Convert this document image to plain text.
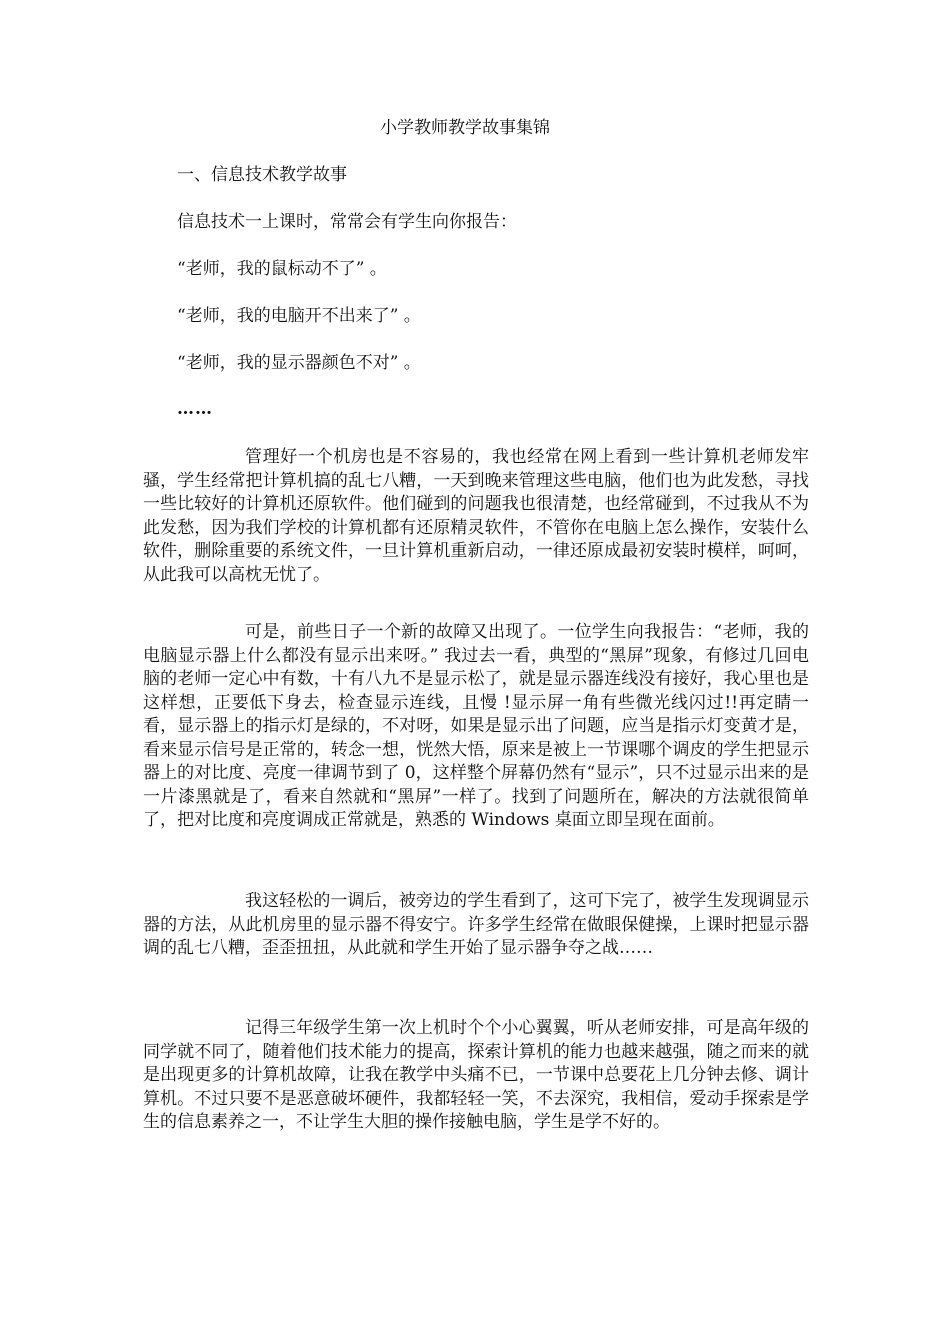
小学教师教学故事集锦
一、信息技术教学故事
信息技术一上课时，常常会有学生向你报告：
“老师，我的鼠标动不了” 。
“老师，我的电脑开不出来了” 。
“老师，我的显示器颜色不对” 。
……
管理好一个机房也是不容易的，我也经常在网上看到一些计算机老师发牢骚，学生经常把计算机搞的乱七八糟，一天到晚来管理这些电脑，他们也为此发愁，寻找一些比较好的计算机还原软件。他们碰到的问题我也很清楚，也经常碰到，不过我从不为此发愁，因为我们学校的计算机都有还原精灵软件，不管你在电脑上怎么操作，安装什么软件，删除重要的系统文件，一旦计算机重新启动，一律还原成最初安装时模样，呵呵，从此我可以高枕无忧了。
可是，前些日子一个新的故障又出现了。一位学生向我报告：“老师，我的电脑显示器上什么都没有显示出来呀。” 我过去一看，典型的“黑屏”现象，有修过几回电脑的老师一定心中有数，十有八九不是显示松了，就是显示器连线没有接好，我心里也是这样想，正要低下身去，检查显示连线，且慢 !显示屏一角有些微光线闪过!!再定睛一看，显示器上的指示灯是绿的，不对呀，如果是显示出了问题，应当是指示灯变黄才是，看来显示信号是正常的，转念一想，恍然大悟，原来是被上一节课哪个调皮的学生把显示器上的对比度、亮度一律调节到了 0，这样整个屏幕仍然有“显示”，只不过显示出来的是一片漆黑就是了，看来自然就和“黑屏”一样了。找到了问题所在，解决的方法就很简单了，把对比度和亮度调成正常就是，熟悉的 Windows 桌面立即呈现在面前。
我这轻松的一调后，被旁边的学生看到了，这可下完了，被学生发现调显示器的方法，从此机房里的显示器不得安宁。许多学生经常在做眼保健操，上课时把显示器调的乱七八糟，歪歪扭扭，从此就和学生开始了显示器争夺之战……
记得三年级学生第一次上机时个个小心翼翼，听从老师安排，可是高年级的同学就不同了，随着他们技术能力的提高，探索计算机的能力也越来越强，随之而来的就是出现更多的计算机故障，让我在教学中头痛不已，一节课中总要花上几分钟去修、调计算机。不过只要不是恶意破坏硬件，我都轻轻一笑，不去深究，我相信，爱动手探索是学生的信息素养之一，不让学生大胆的操作接触电脑，学生是学不好的。
